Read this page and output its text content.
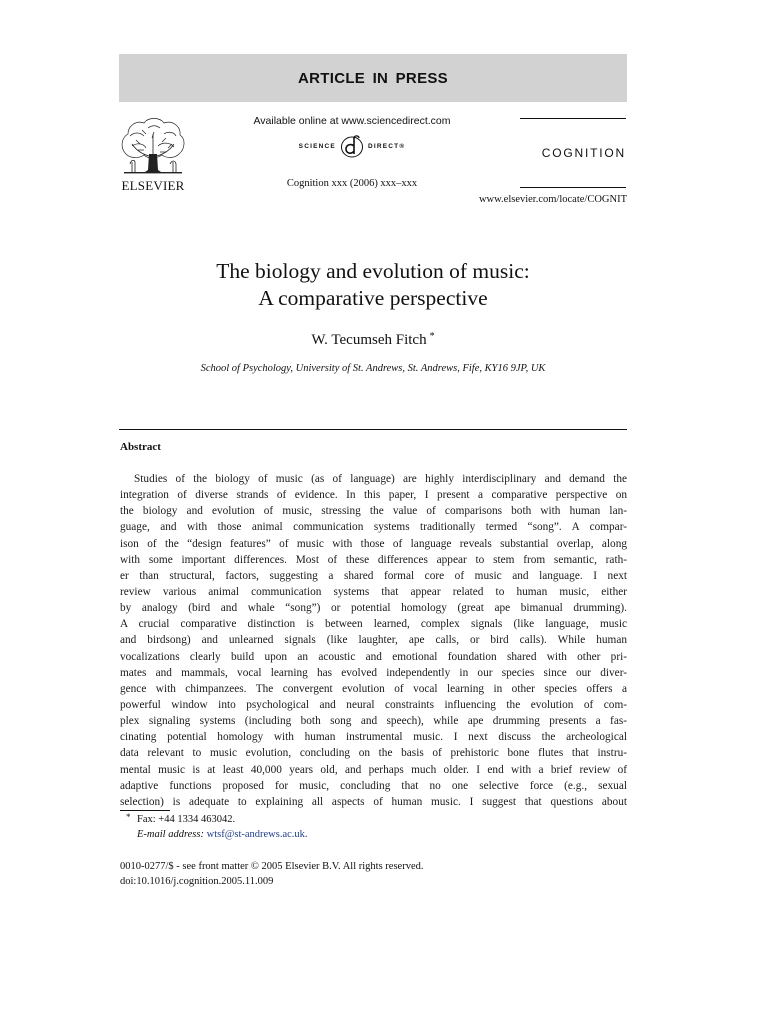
ARTICLE IN PRESS
ELSEVIER
Available online at www.sciencedirect.com
SCIENCE	DIRECT®
Cognition xxx (2006) xxx–xxx
COGNITION
www.elsevier.com/locate/COGNIT
The biology and evolution of music:
A comparative perspective
W. Tecumseh Fitch *
School of Psychology, University of St. Andrews, St. Andrews, Fife, KY16 9JP, UK
Abstract
Studies of the biology of music (as of language) are highly interdisciplinary and demand the
integration of diverse strands of evidence. In this paper, I present a comparative perspective on
the biology and evolution of music, stressing the value of comparisons both with human lan-
guage, and with those animal communication systems traditionally termed “song”. A compar-
ison of the “design features” of music with those of language reveals substantial overlap, along
with some important differences. Most of these differences appear to stem from semantic, rath-
er than structural, factors, suggesting a shared formal core of music and language. I next
review various animal communication systems that appear related to human music, either
by analogy (bird and whale “song”) or potential homology (great ape bimanual drumming).
A crucial comparative distinction is between learned, complex signals (like language, music
and birdsong) and unlearned signals (like laughter, ape calls, or bird calls). While human
vocalizations clearly build upon an acoustic and emotional foundation shared with other pri-
mates and mammals, vocal learning has evolved independently in our species since our diver-
gence with chimpanzees. The convergent evolution of vocal learning in other species offers a
powerful window into psychological and neural constraints influencing the evolution of com-
plex signaling systems (including both song and speech), while ape drumming presents a fas-
cinating potential homology with human instrumental music. I next discuss the archeological
data relevant to music evolution, concluding on the basis of prehistoric bone flutes that instru-
mental music is at least 40,000 years old, and perhaps much older. I end with a brief review of
adaptive functions proposed for music, concluding that no one selective force (e.g., sexual
selection) is adequate to explaining all aspects of human music. I suggest that questions about
* Fax: +44 1334 463042.
E-mail address: wtsf@st-andrews.ac.uk.
0010-0277/$ - see front matter © 2005 Elsevier B.V. All rights reserved.
doi:10.1016/j.cognition.2005.11.009
